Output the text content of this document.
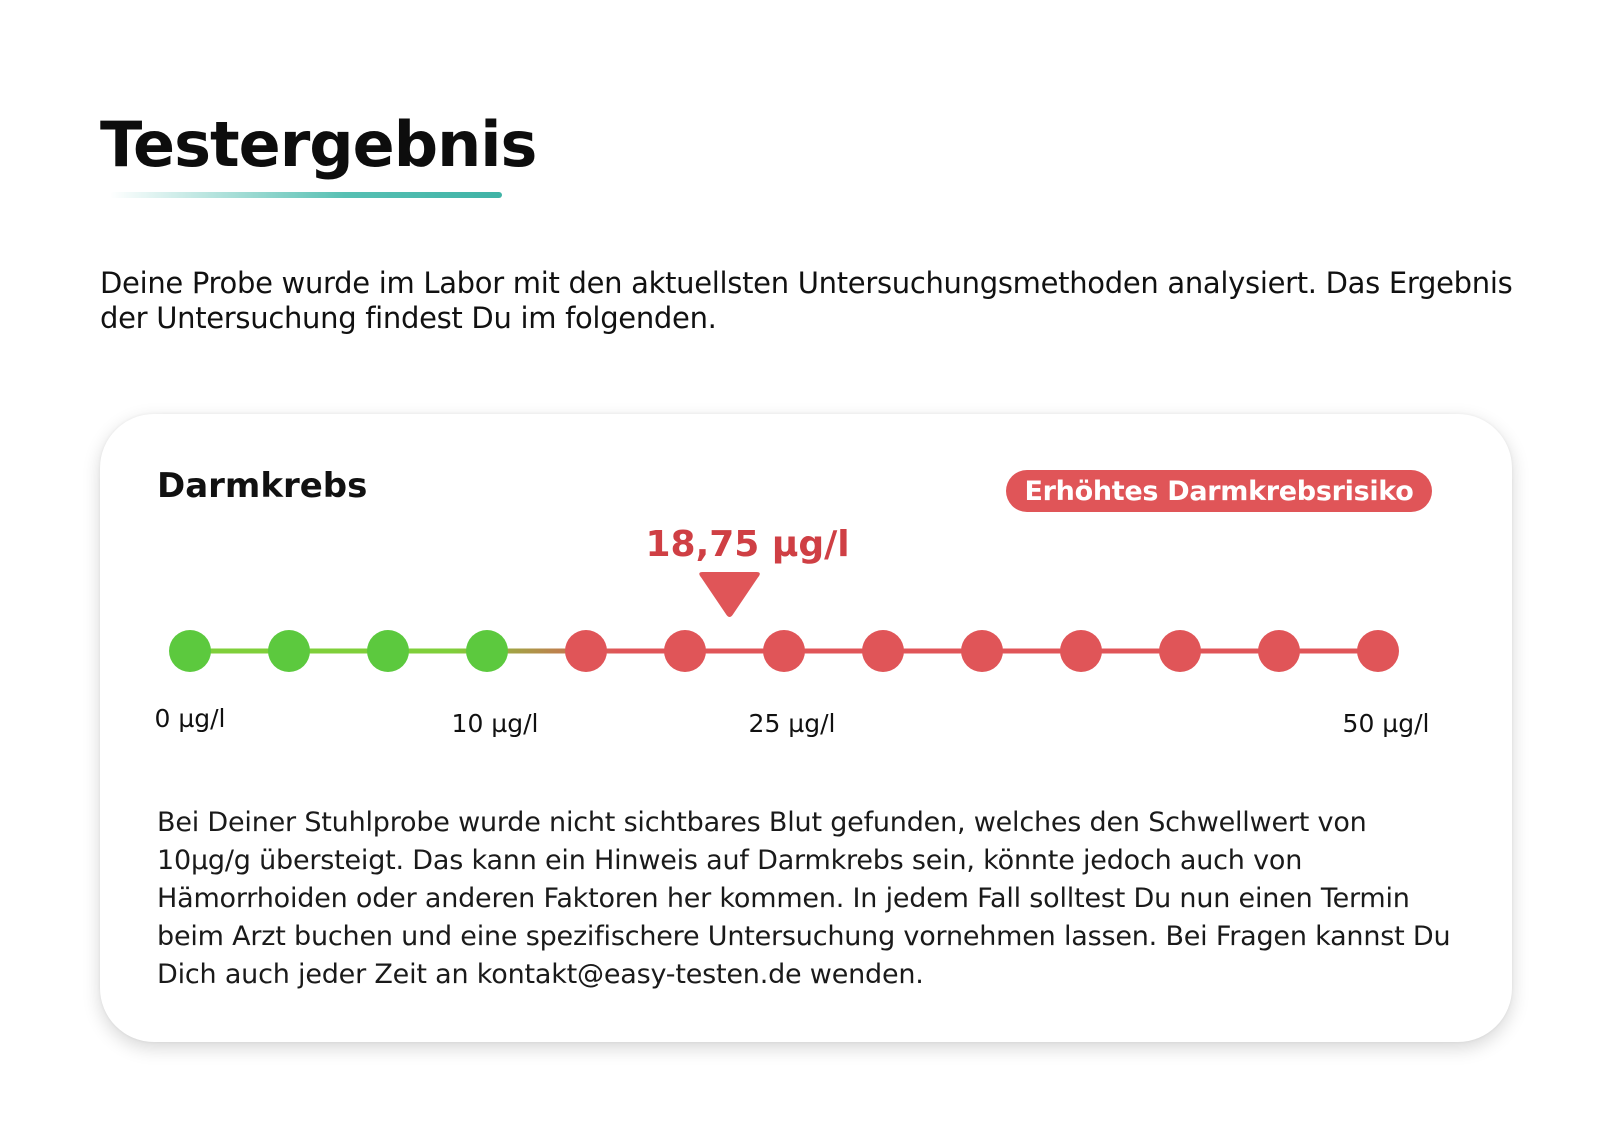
Testergebnis

Deine Probe wurde im Labor mit den aktuellsten Untersuchungsmethoden analysiert. Das Ergebnis der Untersuchung findest Du im folgenden.

Darmkrebs	Erhöhtes Darmkrebsrisiko
18,75 µg/l
0 µg/l	10 µg/l	25 µg/l	50 µg/l

Bei Deiner Stuhlprobe wurde nicht sichtbares Blut gefunden, welches den Schwellwert von 10µg/g übersteigt. Das kann ein Hinweis auf Darmkrebs sein, könnte jedoch auch von Hämorrhoiden oder anderen Faktoren her kommen. In jedem Fall solltest Du nun einen Termin beim Arzt buchen und eine spezifischere Untersuchung vornehmen lassen. Bei Fragen kannst Du Dich auch jeder Zeit an kontakt@easy-testen.de wenden.
